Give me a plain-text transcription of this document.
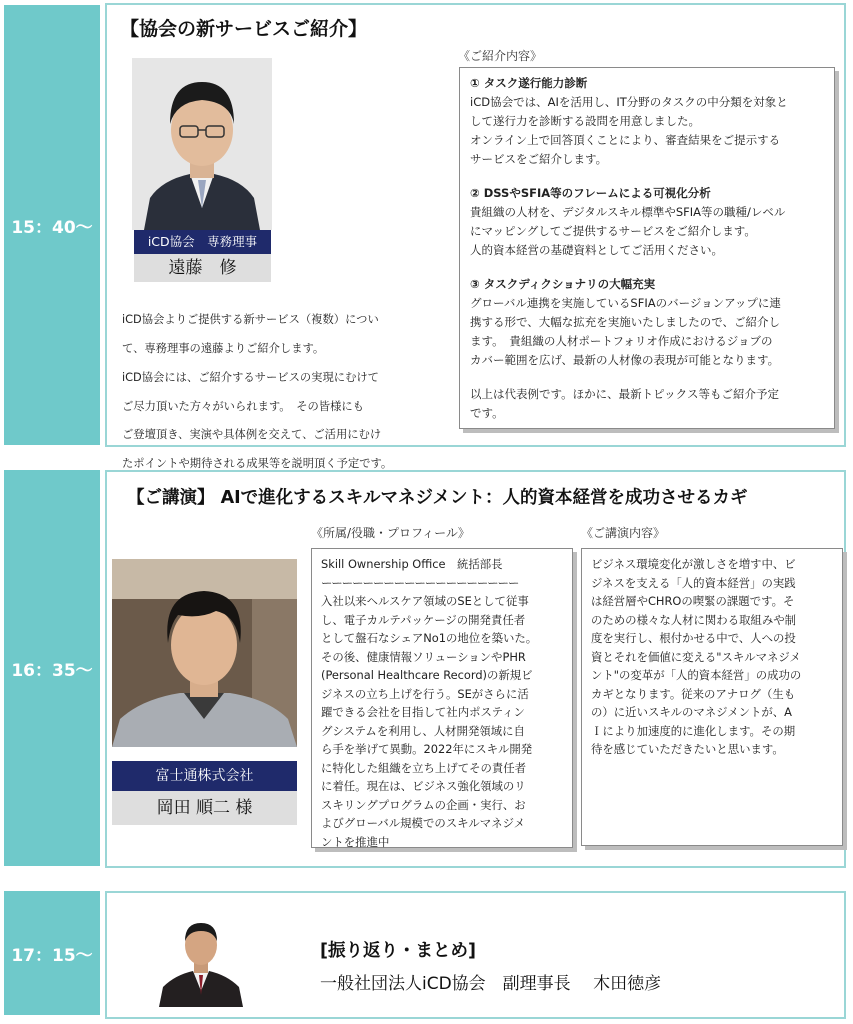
15：40～
【協会の新サービスご紹介】
iCD協会　専務理事
遠藤　修

iCD協会よりご提供する新サービス（複数）につい

て、専務理事の遠藤よりご紹介します。

iCD協会には、ご紹介するサービスの実現にむけて

ご尽力頂いた方々がいられます。　その皆様にも

ご登壇頂き、実演や具体例を交えて、ご活用にむけ

たポイントや期待される成果等を説明頂く予定です。

《ご紹介内容》

① タスク遂行能力診断

iCD協会では、AIを活用し、IT分野のタスクの中分類を対象と

して遂行力を診断する設問を用意しました。

オンライン上で回答頂くことにより、審査結果をご提示する

サービスをご紹介します。

② DSSやSFIA等のフレームによる可視化分析

貴組織の人材を、デジタルスキル標準やSFIA等の職種/レベル

にマッピングしてご提供するサービスをご紹介します。

人的資本経営の基礎資料としてご活用ください。

③ タスクディクショナリの大幅充実

グローバル連携を実施しているSFIAのバージョンアップに連

携する形で、大幅な拡充を実施いたしましたので、ご紹介し

ます。　貴組織の人材ポートフォリオ作成におけるジョブの

カバー範囲を広げ、最新の人材像の表現が可能となります。

以上は代表例です。ほかに、最新トピックス等もご紹介予定

です。

16：35～
【ご講演】 AIで進化するスキルマネジメント：人的資本経営を成功させるカギ
《所属/役職・プロフィール》	《ご講演内容》
富士通株式会社
岡田 順二 様

Skill Ownership Office　統括部長

ーーーーーーーーーーーーーーーーーーー

入社以来ヘルスケア領域のSEとして従事

し、電子カルテパッケージの開発責任者

として盤石なシェアNo1の地位を築いた。

その後、健康情報ソリューションやPHR

(Personal Healthcare Record)の新規ビ

ジネスの立ち上げを行う。SEがさらに活

躍できる会社を目指して社内ポスティン

グシステムを利用し、人材開発領域に自

ら手を挙げて異動。2022年にスキル開発

に特化した組織を立ち上げてその責任者

に着任。現在は、ビジネス強化領域のリ

スキリングプログラムの企画・実行、お

よびグローバル規模でのスキルマネジメ

ントを推進中

ビジネス環境変化が激しさを増す中、ビ

ジネスを支える「人的資本経営」の実践

は経営層やCHROの喫緊の課題です。そ

のための様々な人材に関わる取組みや制

度を実行し、根付かせる中で、人への投

資とそれを価値に変える"スキルマネジメ

ント"の変革が「人的資本経営」の成功の

カギとなります。従来のアナログ（生も

の）に近いスキルのマネジメントが、A

Ｉにより加速度的に進化します。その期

待を感じていただきたいと思います。

17：15～	[振り返り・まとめ]
一般社団法人iCD協会　副理事長　 木田徳彦
